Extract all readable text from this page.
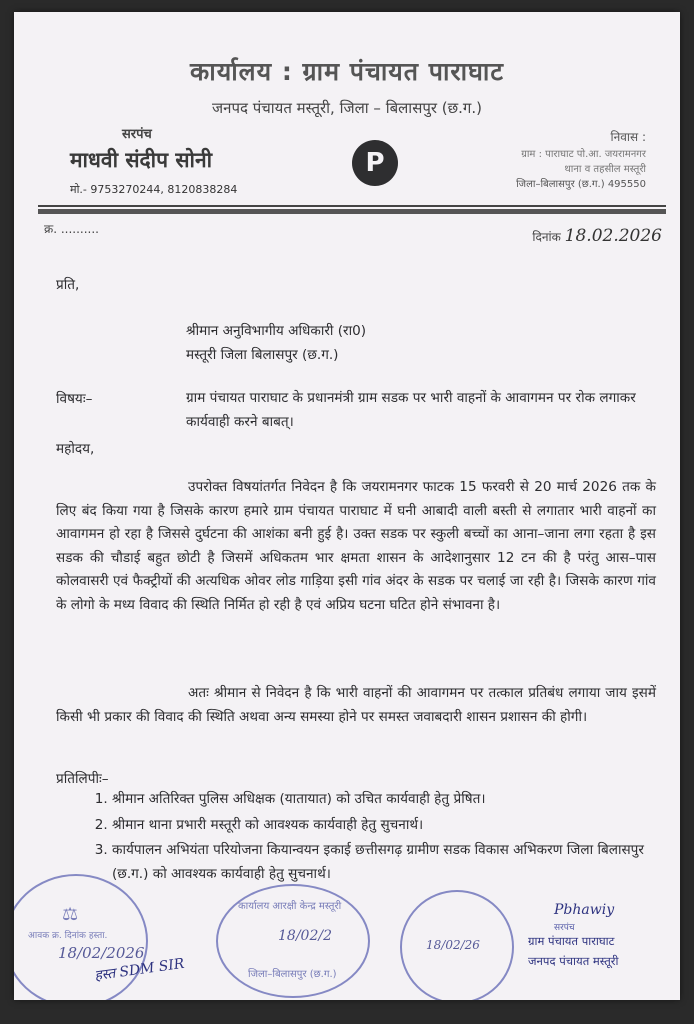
कार्यालय : ग्राम पंचायत पाराघाट
जनपद पंचायत मस्तूरी, जिला – बिलासपुर (छ.ग.)
सरपंच
माधवी संदीप सोनी
मो.- 9753270244, 8120838284
P
निवास :
ग्राम : पाराघाट पो.आ. जयरामनगर
थाना व तहसील मस्तूरी
जिला–बिलासपुर (छ.ग.) 495550
क्र. ..........
दिनांक 18.02.2026
प्रति,
श्रीमान अनुविभागीय अधिकारी (रा0)
मस्तूरी जिला बिलासपुर (छ.ग.)
विषयः–	ग्राम पंचायत पाराघाट के प्रधानमंत्री ग्राम सडक पर भारी वाहनों के आवागमन पर रोक लगाकर कार्यवाही करने बाबत्।
महोदय,
उपरोक्त विषयांतर्गत निवेदन है कि जयरामनगर फाटक 15 फरवरी से 20 मार्च 2026 तक के लिए बंद किया गया है जिसके कारण हमारे ग्राम पंचायत पाराघाट में घनी आबादी वाली बस्ती से लगातार भारी वाहनों का आवागमन हो रहा है जिससे दुर्घटना की आशंका बनी हुई है। उक्त सडक पर स्कुली बच्चों का आना–जाना लगा रहता है इस सडक की चौडाई बहुत छोटी है जिसमें अधिकतम भार क्षमता शासन के आदेशानुसार 12 टन की है परंतु आस–पास कोलवासरी एवं फैक्ट्रीयों की अत्यधिक ओवर लोड गाड़िया इसी गांव अंदर के सडक पर चलाई जा रही है। जिसके कारण गांव के लोगो के मध्य विवाद की स्थिति निर्मित हो रही है एवं अप्रिय घटना घटित होने संभावना है।
अतः श्रीमान से निवेदन है कि भारी वाहनों की आवागमन पर तत्काल प्रतिबंध लगाया जाय इसमें किसी भी प्रकार की विवाद की स्थिति अथवा अन्य समस्या होने पर समस्त जवाबदारी शासन प्रशासन की होगी।
प्रतिलिपीः–
1. श्रीमान अतिरिक्त पुलिस अधिक्षक (यातायात) को उचित कार्यवाही हेतु प्रेषित।
2. श्रीमान थाना प्रभारी मस्तूरी को आवश्यक कार्यवाही हेतु सुचनार्थ।
3. कार्यपालन अभियंता परियोजना कियान्वयन इकाई छत्तीसगढ़ ग्रामीण सडक विकास अभिकरण जिला बिलासपुर (छ.ग.) को आवश्यक कार्यवाही हेतु सुचनार्थ।
⚖
आवक क्र. दिनांक हस्ता.
18/02/2026
हस्त SDM SIR
कार्यालय आरक्षी केन्द्र मस्तूरी
18/02/2
जिला–बिलासपुर (छ.ग.)
18/02/26
Pbhawiy
सरपंच
ग्राम पंचायत पाराघाट
जनपद पंचायत मस्तूरी
